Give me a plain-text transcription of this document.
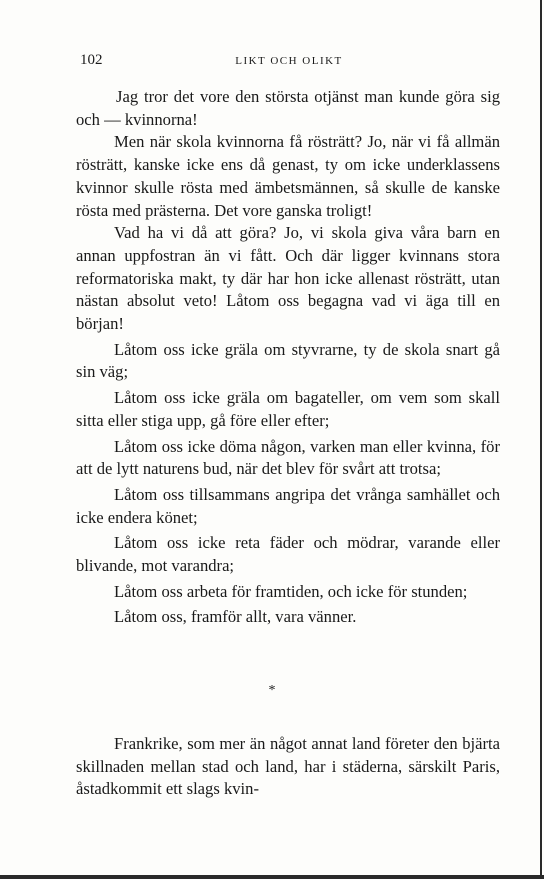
102	LIKT OCH OLIKT

Jag tror det vore den största otjänst man kunde göra sig och — kvinnorna!

Men när skola kvinnorna få rösträtt? Jo, när vi få allmän rösträtt, kanske icke ens då genast, ty om icke underklassens kvinnor skulle rösta med ämbetsmännen, så skulle de kanske rösta med prästerna. Det vore ganska troligt!

Vad ha vi då att göra? Jo, vi skola giva våra barn en annan uppfostran än vi fått. Och där ligger kvinnans stora reformatoriska makt, ty där har hon icke allenast rösträtt, utan nästan absolut veto! Låtom oss begagna vad vi äga till en början!

Låtom oss icke gräla om styvrarne, ty de skola snart gå sin väg;

Låtom oss icke gräla om bagateller, om vem som skall sitta eller stiga upp, gå före eller efter;

Låtom oss icke döma någon, varken man eller kvinna, för att de lytt naturens bud, när det blev för svårt att trotsa;

Låtom oss tillsammans angripa det vrånga samhället och icke endera könet;

Låtom oss icke reta fäder och mödrar, varande eller blivande, mot varandra;

Låtom oss arbeta för framtiden, och icke för stunden;

Låtom oss, framför allt, vara vänner.

*

Frankrike, som mer än något annat land företer den bjärta skillnaden mellan stad och land, har i städerna, särskilt Paris, åstadkommit ett slags kvin-
